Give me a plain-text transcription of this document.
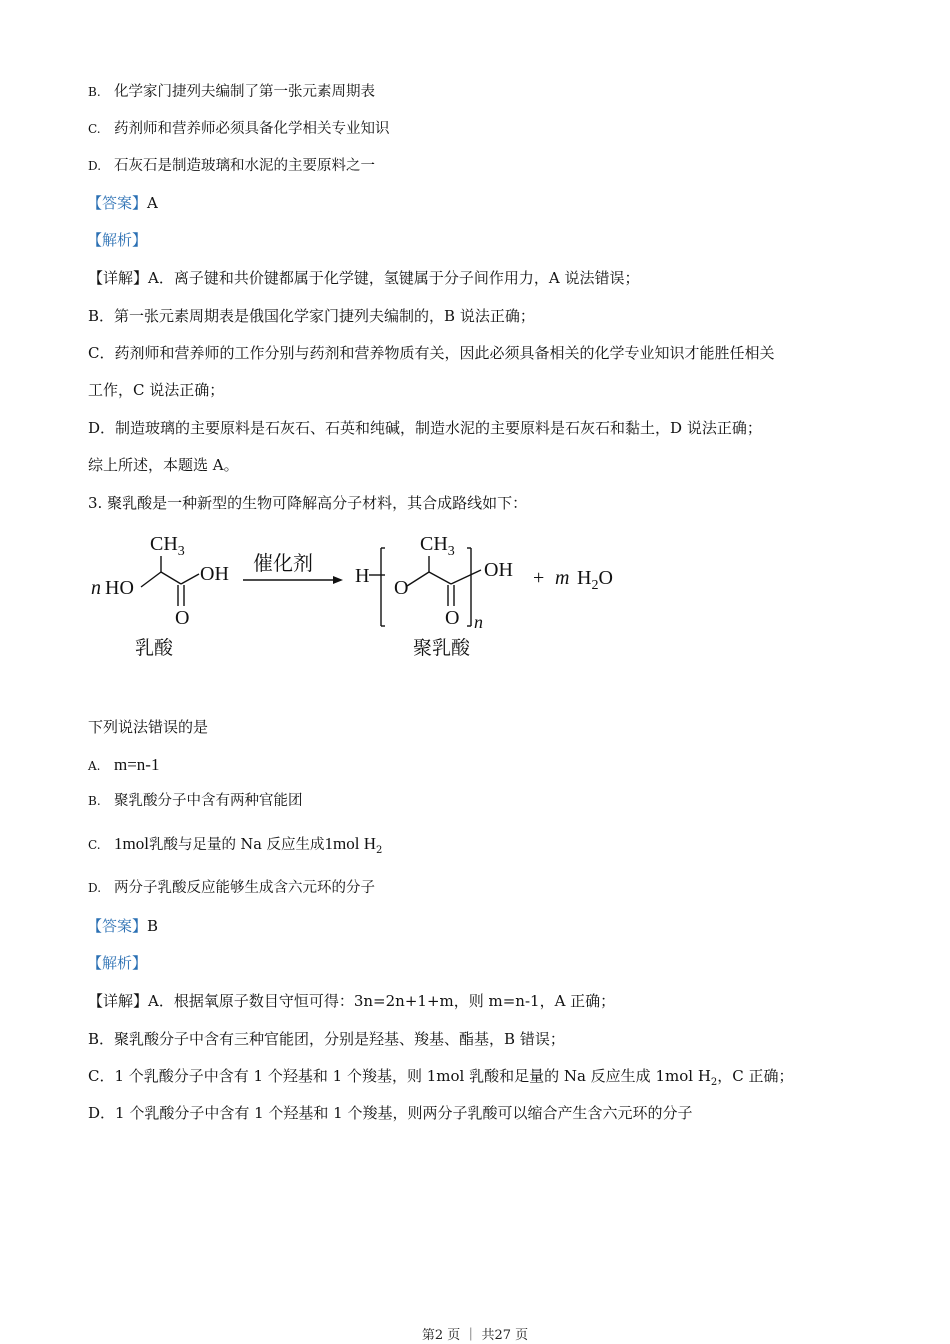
B. 化学家门捷列夫编制了第一张元素周期表
C. 药剂师和营养师必须具备化学相关专业知识
D. 石灰石是制造玻璃和水泥的主要原料之一
【答案】A
【解析】
【详解】A．离子键和共价键都属于化学键，氢键属于分子间作用力，A 说法错误；
B．第一张元素周期表是俄国化学家门捷列夫编制的，B 说法正确；
C．药剂师和营养师的工作分别与药剂和营养物质有关，因此必须具备相关的化学专业知识才能胜任相关
工作，C 说法正确；
D．制造玻璃的主要原料是石灰石、石英和纯碱，制造水泥的主要原料是石灰石和黏土，D 说法正确；
综上所述，本题选 A。
3. 聚乳酸是一种新型的生物可降解高分子材料，其合成路线如下：
n HO
$CH_3$
OH
O
催化剂
H
O
$CH_3$
O n
OH + m $H_2O$
乳酸	聚乳酸
下列说法错误的是
A. m=n-1
B. 聚乳酸分子中含有两种官能团
C. 1mol乳酸与足量的 Na 反应生成1mol $H_2$
D. 两分子乳酸反应能够生成含六元环的分子
【答案】B
【解析】
【详解】A．根据氧原子数目守恒可得：3n=2n+1+m，则 m=n-1，A 正确；
B．聚乳酸分子中含有三种官能团，分别是羟基、羧基、酯基，B 错误；
C．1 个乳酸分子中含有 1 个羟基和 1 个羧基，则 1mol 乳酸和足量的 Na 反应生成 1mol $H_2$，C 正确；
D．1 个乳酸分子中含有 1 个羟基和 1 个羧基，则两分子乳酸可以缩合产生含六元环的分子
第2 页 ｜ 共27 页
